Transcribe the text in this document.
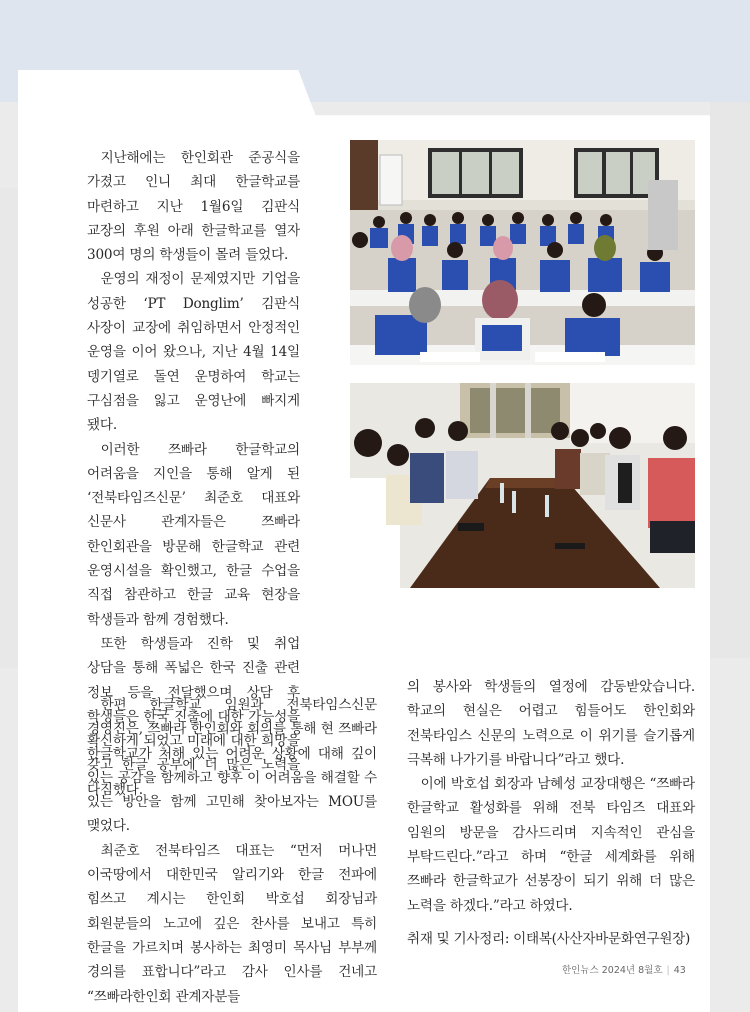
지난해에는 한인회관 준공식을 가졌고 인니 최대 한글학교를 마련하고 지난 1월6일 김판식 교장의 후원 아래 한글학교를 열자 300여 명의 학생들이 몰려 들었다.

운영의 재정이 문제였지만 기업을 성공한 ‘PT Donglim’ 김판식 사장이 교장에 취임하면서 안정적인 운영을 이어 왔으나, 지난 4월 14일 뎅기열로 돌연 운명하여 학교는 구심점을 잃고 운영난에 빠지게 됐다.

이러한 쯔빠라 한글학교의 어려움을 지인을 통해 알게 된 ‘전북타임즈신문’ 최준호 대표와 신문사 관계자들은 쯔빠라 한인회관을 방문해 한글학교 관련 운영시설을 확인했고, 한글 수업을 직접 참관하고 한글 교육 현장을 학생들과 함께 경험했다.

또한 학생들과 진학 및 취업 상담을 통해 폭넓은 한국 진출 관련 정보 등을 전달했으며 상담 후 학생들은 한국 진출에 대한 가능성을 확신하게 되었고 미래에 대한 희망을 갖고 한글 공부에 더 많은 노력을 다짐했다.

한편 한글학교 임원과 전북타임스신문 경영진은, 쯔빠라 한인회와 회의를 통해 현 쯔빠라 한글학교가 처해 있는 어려운 상황에 대해 깊이 있는 공감을 함께하고 향후 이 어려움을 해결할 수 있는 방안을 함께 고민해 찾아보자는 MOU를 맺었다.

최준호 전북타임즈 대표는 “먼저 머나먼 이국땅에서 대한민국 알리기와 한글 전파에 힘쓰고 계시는 한인회 박호섭 회장님과 회원분들의 노고에 깊은 찬사를 보내고 특히 한글을 가르치며 봉사하는 최영미 목사님 부부께 경의를 표합니다”라고 감사 인사를 건네고 “쯔빠라한인회 관계자분들

의 봉사와 학생들의 열정에 감동받았습니다. 학교의 현실은 어렵고 힘들어도 한인회와 전북타임스 신문의 노력으로 이 위기를 슬기롭게 극복해 나가기를 바랍니다”라고 했다.

이에 박호섭 회장과 남혜성 교장대행은 “쯔빠라 한글학교 활성화를 위해 전북 타임즈 대표와 임원의 방문을 감사드리며 지속적인 관심을 부탁드린다.”라고 하며 “한글 세계화를 위해 쯔빠라 한글학교가 선봉장이 되기 위해 더 많은 노력을 하겠다.”라고 하였다.

취재 및 기사정리: 이태복(사산자바문화연구원장)

한인뉴스 2024년 8월호 | 43
